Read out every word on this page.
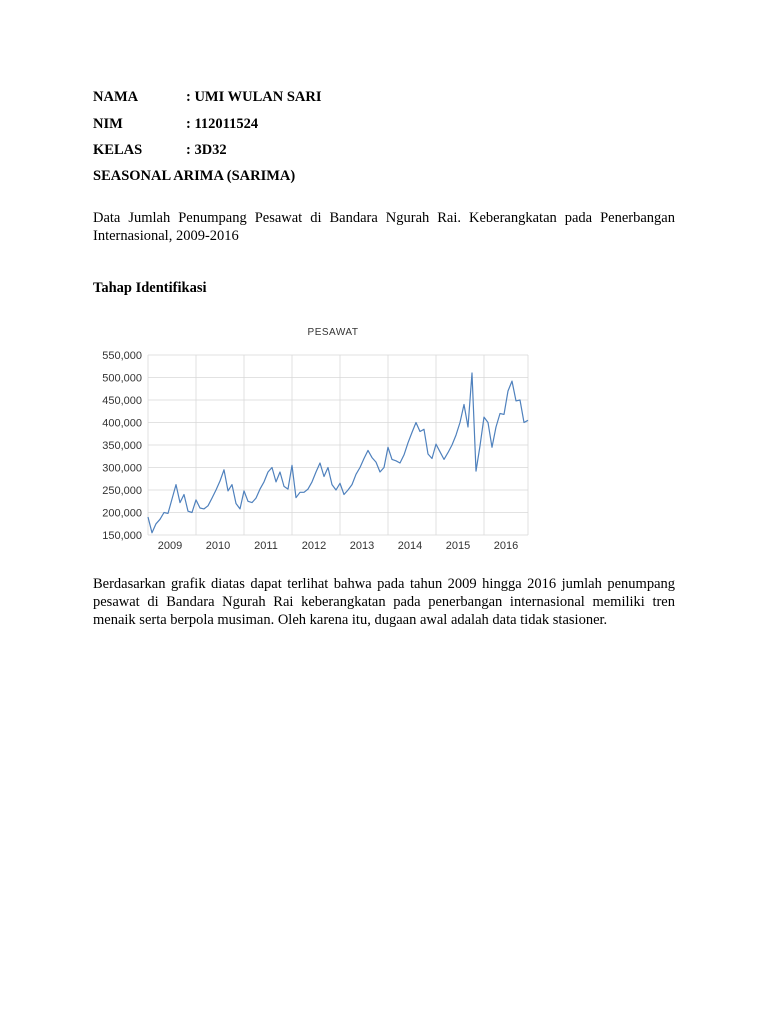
NAMA	: UMI WULAN SARI
NIM	: 112011524
KELAS	: 3D32
SEASONAL ARIMA (SARIMA)
Data Jumlah Penumpang Pesawat di Bandara Ngurah Rai. Keberangkatan pada Penerbangan Internasional, 2009-2016
Tahap Identifikasi
150,000
200,000
250,000
300,000
350,000
400,000
450,000
500,000
550,000
2009 2010 2011 2012 2013 2014 2015 2016
PESAWAT
Berdasarkan grafik diatas dapat terlihat bahwa pada tahun 2009 hingga 2016 jumlah penumpang pesawat di Bandara Ngurah Rai keberangkatan pada penerbangan internasional memiliki tren menaik serta berpola musiman. Oleh karena itu, dugaan awal adalah data tidak stasioner.
